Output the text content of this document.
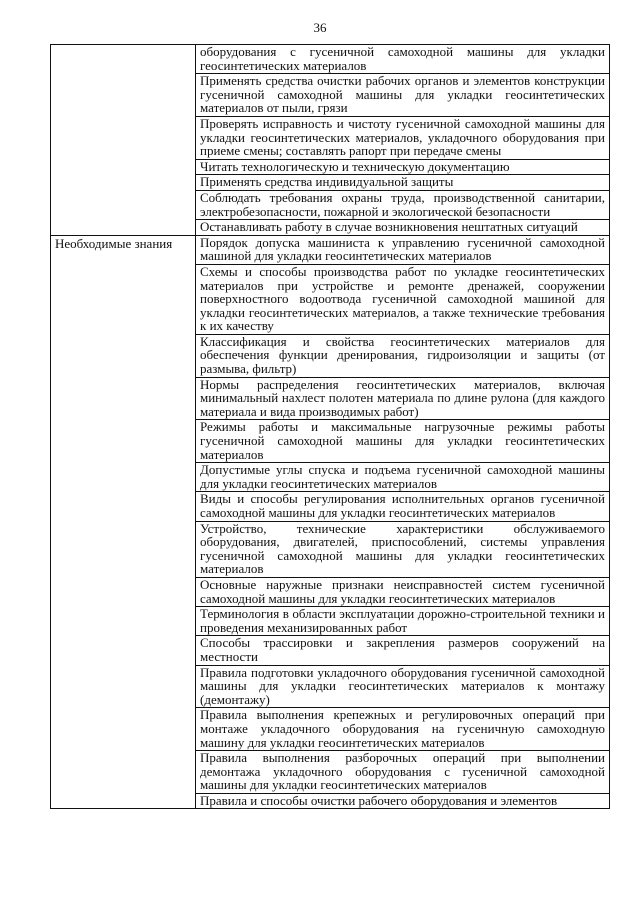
36
	оборудования с гусеничной самоходной машины для укладки геосинтетических материалов
	Применять средства очистки рабочих органов и элементов конструкции гусеничной самоходной машины для укладки геосинтетических материалов от пыли, грязи
	Проверять исправность и чистоту гусеничной самоходной машины для укладки геосинтетических материалов, укладочного оборудования при приеме смены; составлять рапорт при передаче смены
	Читать технологическую и техническую документацию
	Применять средства индивидуальной защиты
	Соблюдать требования охраны труда, производственной санитарии, электробезопасности, пожарной и экологической безопасности
	Останавливать работу в случае возникновения нештатных ситуаций
Необходимые знания	Порядок допуска машиниста к управлению гусеничной самоходной машиной для укладки геосинтетических материалов
	Схемы и способы производства работ по укладке геосинтетических материалов при устройстве и ремонте дренажей, сооружении поверхностного водоотвода гусеничной самоходной машиной для укладки геосинтетических материалов, а также технические требования к их качеству
	Классификация и свойства геосинтетических материалов для обеспечения функции дренирования, гидроизоляции и защиты (от размыва, фильтр)
	Нормы распределения геосинтетических материалов, включая минимальный нахлест полотен материала по длине рулона (для каждого материала и вида производимых работ)
	Режимы работы и максимальные нагрузочные режимы работы гусеничной самоходной машины для укладки геосинтетических материалов
	Допустимые углы спуска и подъема гусеничной самоходной машины для укладки геосинтетических материалов
	Виды и способы регулирования исполнительных органов гусеничной самоходной машины для укладки геосинтетических материалов
	Устройство, технические характеристики обслуживаемого оборудования, двигателей, приспособлений, системы управления гусеничной самоходной машины для укладки геосинтетических материалов
	Основные наружные признаки неисправностей систем гусеничной самоходной машины для укладки геосинтетических материалов
	Терминология в области эксплуатации дорожно-строительной техники и проведения механизированных работ
	Способы трассировки и закрепления размеров сооружений на местности
	Правила подготовки укладочного оборудования гусеничной самоходной машины для укладки геосинтетических материалов к монтажу (демонтажу)
	Правила выполнения крепежных и регулировочных операций при монтаже укладочного оборудования на гусеничную самоходную машину для укладки геосинтетических материалов
	Правила выполнения разборочных операций при выполнении демонтажа укладочного оборудования с гусеничной самоходной машины для укладки геосинтетических материалов
	Правила и способы очистки рабочего оборудования и элементов
